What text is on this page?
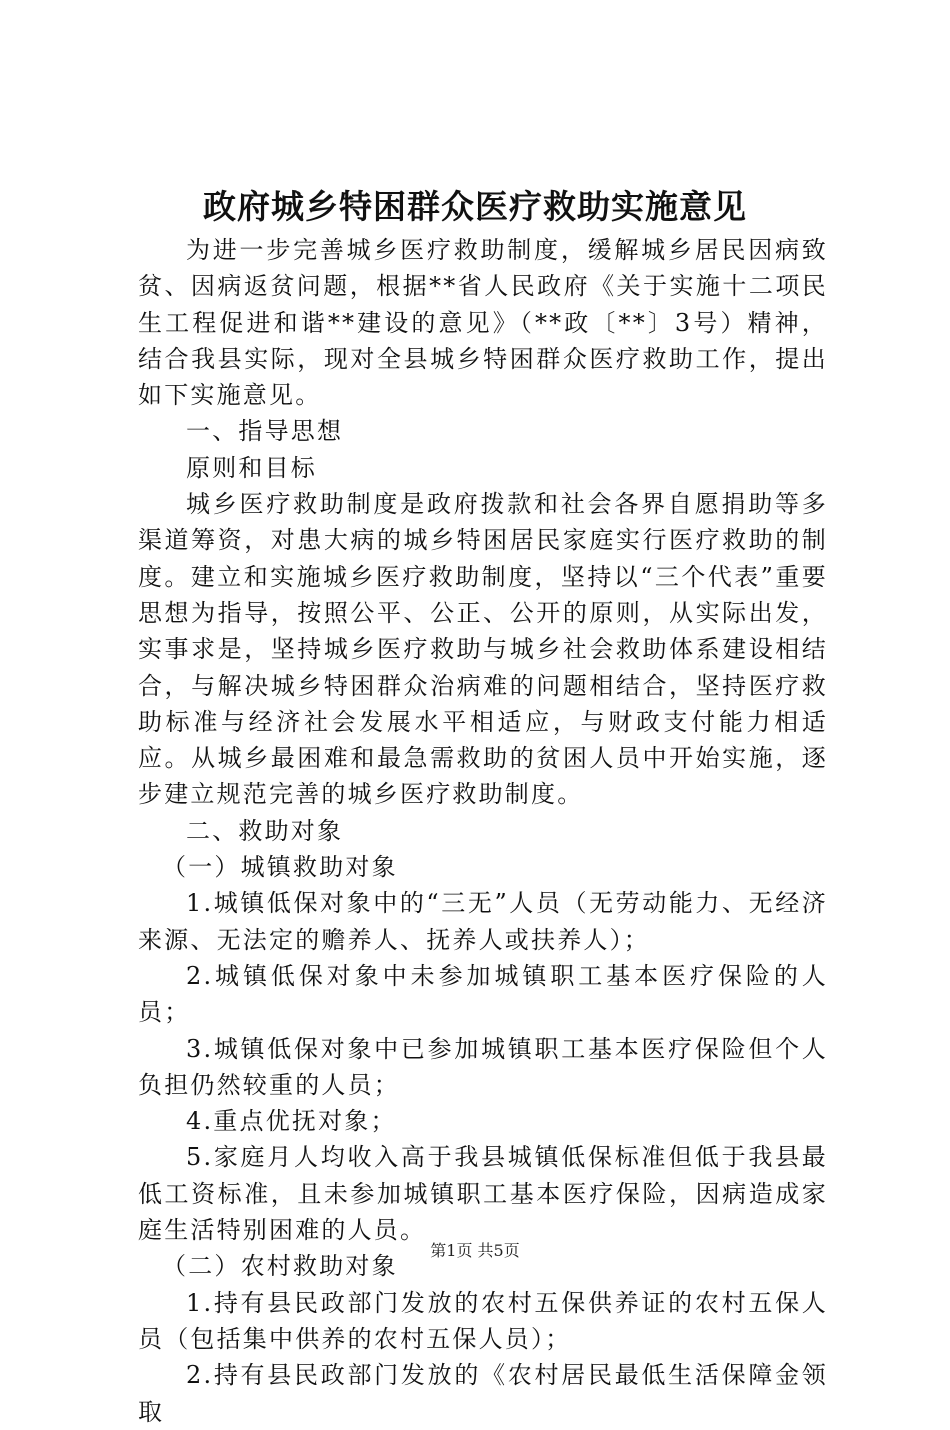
政府城乡特困群众医疗救助实施意见

为进一步完善城乡医疗救助制度，缓解城乡居民因病致贫、因病返贫问题，根据**省人民政府《关于实施十二项民生工程促进和谐**建设的意见》（**政〔**〕3号）精神，结合我县实际，现对全县城乡特困群众医疗救助工作，提出如下实施意见。

一、指导思想

原则和目标

城乡医疗救助制度是政府拨款和社会各界自愿捐助等多渠道筹资，对患大病的城乡特困居民家庭实行医疗救助的制度。建立和实施城乡医疗救助制度，坚持以“三个代表”重要思想为指导，按照公平、公正、公开的原则，从实际出发，实事求是，坚持城乡医疗救助与城乡社会救助体系建设相结合，与解决城乡特困群众治病难的问题相结合，坚持医疗救助标准与经济社会发展水平相适应，与财政支付能力相适应。从城乡最困难和最急需救助的贫困人员中开始实施，逐步建立规范完善的城乡医疗救助制度。

二、救助对象

（一）城镇救助对象

1.城镇低保对象中的“三无”人员（无劳动能力、无经济来源、无法定的赡养人、抚养人或扶养人）；

2.城镇低保对象中未参加城镇职工基本医疗保险的人员；

3.城镇低保对象中已参加城镇职工基本医疗保险但个人负担仍然较重的人员；

4.重点优抚对象；

5.家庭月人均收入高于我县城镇低保标准但低于我县最低工资标准，且未参加城镇职工基本医疗保险，因病造成家庭生活特别困难的人员。

（二）农村救助对象

1.持有县民政部门发放的农村五保供养证的农村五保人员（包括集中供养的农村五保人员）；

2.持有县民政部门发放的《农村居民最低生活保障金领取

第1页 共5页
